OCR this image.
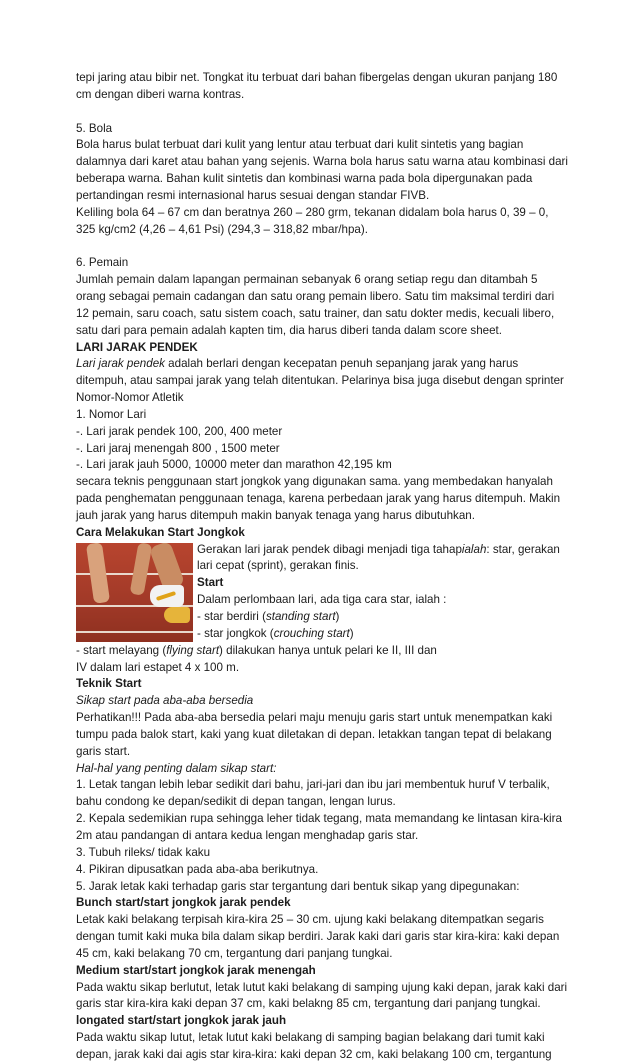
tepi jaring atau bibir net. Tongkat itu terbuat dari bahan fibergelas dengan ukuran panjang 180

cm dengan diberi warna kontras.

5. Bola

Bola harus bulat terbuat dari kulit yang lentur atau terbuat dari kulit sintetis yang bagian

dalamnya dari karet atau bahan yang sejenis. Warna bola harus satu warna atau kombinasi dari

beberapa warna. Bahan kulit sintetis dan kombinasi warna pada bola dipergunakan pada

pertandingan resmi internasional harus sesuai dengan standar FIVB.

Keliling bola 64 – 67 cm dan beratnya 260 – 280 grm, tekanan didalam bola harus 0, 39 – 0,

325 kg/cm2 (4,26 – 4,61 Psi) (294,3 – 318,82 mbar/hpa).

6. Pemain

Jumlah pemain dalam lapangan permainan sebanyak 6 orang setiap regu dan ditambah 5

orang sebagai pemain cadangan dan satu orang pemain libero. Satu tim maksimal terdiri dari

12 pemain, saru coach, satu sistem coach, satu trainer, dan satu dokter medis, kecuali libero,

satu dari para pemain adalah kapten tim, dia harus diberi tanda dalam score sheet.

LARI JARAK PENDEK

Lari jarak pendek adalah berlari dengan kecepatan penuh sepanjang jarak yang harus

ditempuh, atau sampai jarak yang telah ditentukan. Pelarinya bisa juga disebut dengan sprinter

Nomor-Nomor Atletik

1. Nomor Lari

-. Lari jarak pendek 100, 200, 400 meter

-. Lari jaraj menengah 800 , 1500 meter

-. Lari jarak jauh 5000, 10000 meter dan marathon 42,195 km

secara teknis penggunaan start jongkok yang digunakan sama. yang membedakan hanyalah

pada penghematan penggunaan tenaga, karena perbedaan jarak yang harus ditempuh. Makin

jauh jarak yang harus ditempuh makin banyak tenaga yang harus dibutuhkan.

Cara Melakukan Start Jongkok

Gerakan lari jarak pendek dibagi menjadi tiga tahapialah: star, gerakan

lari cepat (sprint), gerakan finis.

Start

Dalam perlombaan lari, ada tiga cara star, ialah :

- star berdiri (standing start)

- star jongkok (crouching start)

- start melayang (flying start) dilakukan hanya untuk pelari ke II, III dan

IV dalam lari estapet 4 x 100 m.

Teknik Start

Sikap start pada aba-aba bersedia

Perhatikan!!! Pada aba-aba bersedia pelari maju menuju garis start untuk menempatkan kaki

tumpu pada balok start, kaki yang kuat diletakan di depan. letakkan tangan tepat di belakang

garis start.

Hal-hal yang penting dalam sikap start:

1. Letak tangan lebih lebar sedikit dari bahu, jari-jari dan ibu jari membentuk huruf V terbalik,

bahu condong ke depan/sedikit di depan tangan, lengan lurus.

2. Kepala sedemikian rupa sehingga leher tidak tegang, mata memandang ke lintasan kira-kira

2m atau pandangan di antara kedua lengan menghadap garis star.

3. Tubuh rileks/ tidak kaku

4. Pikiran dipusatkan pada aba-aba berikutnya.

5. Jarak letak kaki terhadap garis star tergantung dari bentuk sikap yang dipegunakan:

Bunch start/start jongkok jarak pendek

Letak kaki belakang terpisah kira-kira 25 – 30 cm. ujung kaki belakang ditempatkan segaris

dengan tumit kaki muka bila dalam sikap berdiri. Jarak kaki dari garis star kira-kira: kaki depan

45 cm, kaki belakang 70 cm, tergantung dari panjang tungkai.

Medium start/start jongkok jarak menengah

Pada waktu sikap berlutut, letak lutut kaki belakang di samping ujung kaki depan, jarak kaki dari

garis star kira-kira kaki depan 37 cm, kaki belakng 85 cm, tergantung dari panjang tungkai.

longated start/start jongkok jarak jauh

Pada waktu sikap lutut, letak lutut kaki belakang di samping bagian belakang dari tumit kaki

depan, jarak kaki dai agis star kira-kira: kaki depan 32 cm, kaki belakang 100 cm, tergantung
